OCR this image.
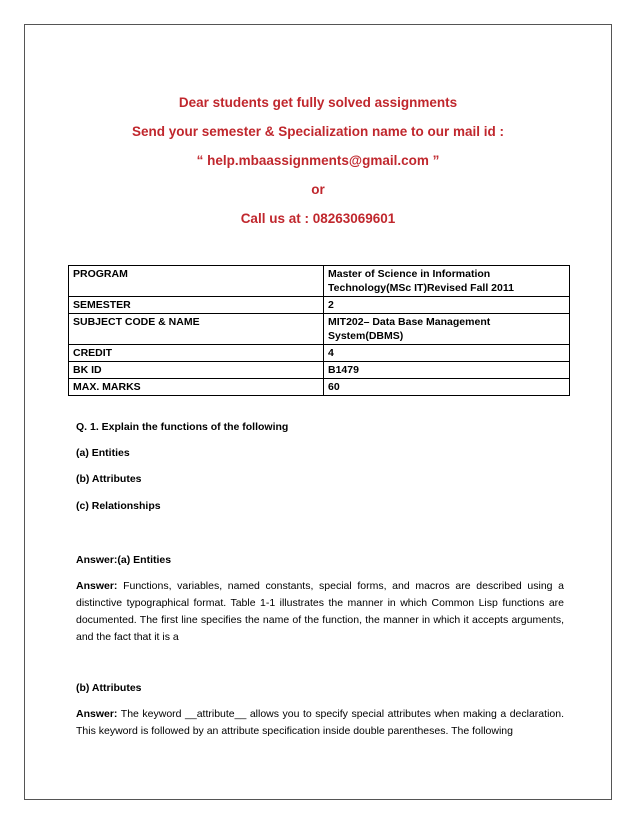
Dear students get fully solved assignments
Send your semester & Specialization name to our mail id :
“ help.mbaassignments@gmail.com ”
or
Call us at : 08263069601
PROGRAM	Master of Science in Information Technology(MSc IT)Revised Fall 2011
SEMESTER	2
SUBJECT CODE & NAME	MIT202– Data Base Management System(DBMS)
CREDIT	4
BK ID	B1479
MAX. MARKS	60
Q. 1. Explain the functions of the following
(a) Entities
(b) Attributes
(c) Relationships
Answer:(a) Entities
Answer: Functions, variables, named constants, special forms, and macros are described using a distinctive typographical format. Table 1-1 illustrates the manner in which Common Lisp functions are documented. The first line specifies the name of the function, the manner in which it accepts arguments, and the fact that it is a
(b) Attributes
Answer: The keyword __attribute__ allows you to specify special attributes when making a declaration. This keyword is followed by an attribute specification inside double parentheses. The following
